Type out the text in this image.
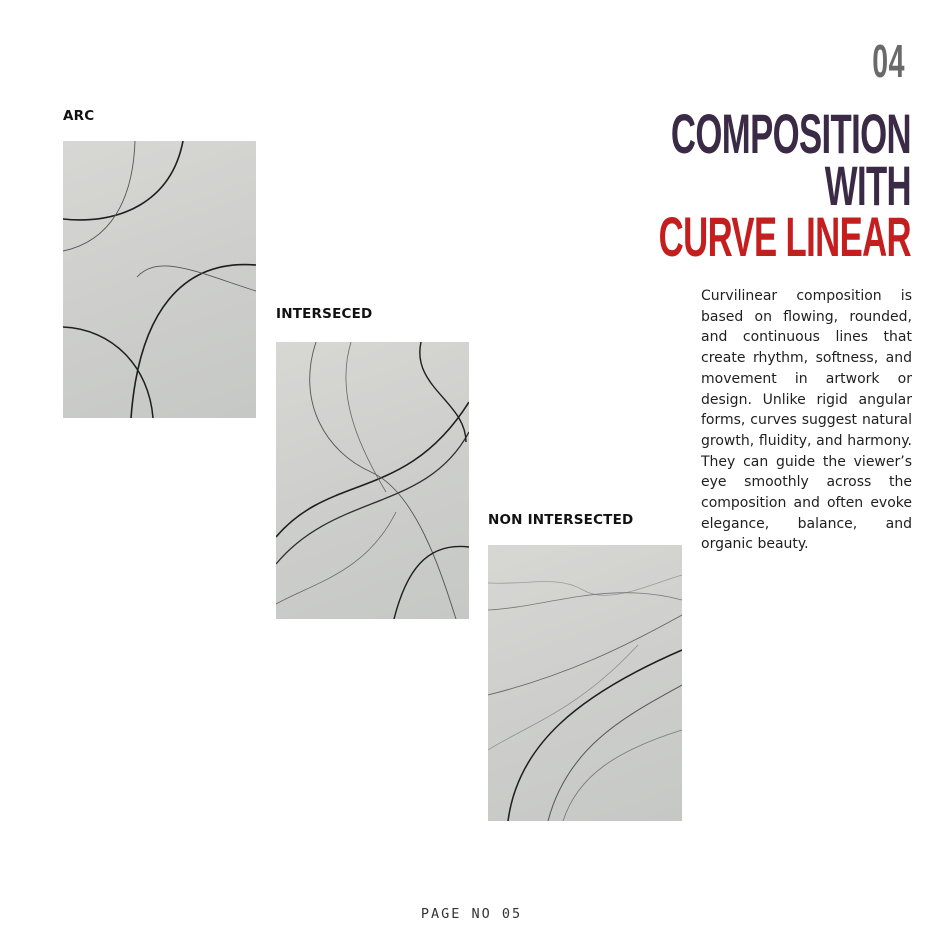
04
COMPOSITION
WITH
CURVE LINEAR

Curvilinear composition is based on flowing, rounded, and continuous lines that create rhythm, softness, and movement in artwork or design. Unlike rigid angular forms, curves suggest natural growth, fluidity, and harmony. They can guide the viewer’s eye smoothly across the composition and often evoke elegance, balance, and organic beauty.

ARC
INTERSECED
NON INTERSECTED
PAGE NO 05
